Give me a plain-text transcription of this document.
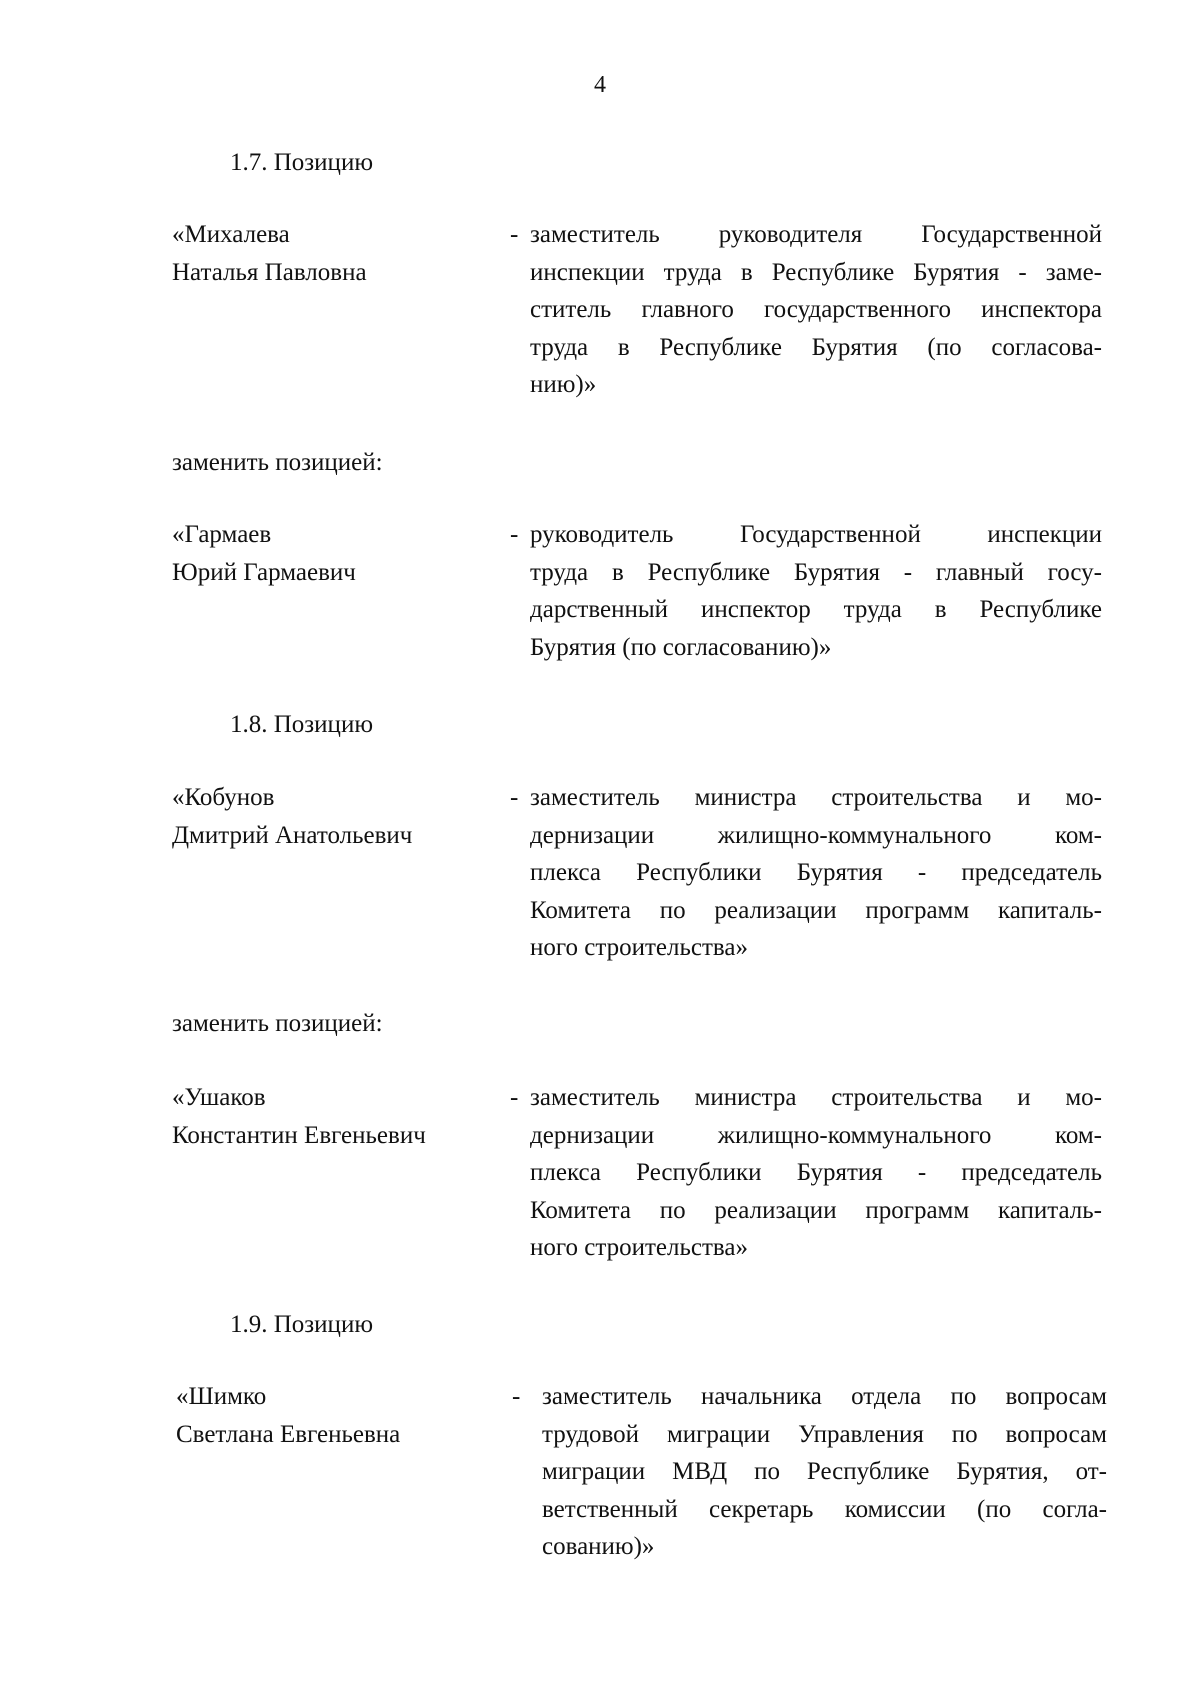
4
1.7. Позицию
«Михалева
Наталья Павловна
- заместитель руководителя Государственной
инспекции труда в Республике Бурятия - заме-
ститель главного государственного инспектора
труда в Республике Бурятия (по согласова-
нию)»
заменить позицией:
«Гармаев
Юрий Гармаевич
- руководитель Государственной инспекции
труда в Республике Бурятия - главный госу-
дарственный инспектор труда в Республике
Бурятия (по согласованию)»
1.8. Позицию
«Кобунов
Дмитрий Анатольевич
- заместитель министра строительства и мо-
дернизации жилищно-коммунального ком-
плекса Республики Бурятия - председатель
Комитета по реализации программ капиталь-
ного строительства»
заменить позицией:
«Ушаков
Константин Евгеньевич
- заместитель министра строительства и мо-
дернизации жилищно-коммунального ком-
плекса Республики Бурятия - председатель
Комитета по реализации программ капиталь-
ного строительства»
1.9. Позицию
«Шимко
Светлана Евгеньевна
- заместитель начальника отдела по вопросам
трудовой миграции Управления по вопросам
миграции МВД по Республике Бурятия, от-
ветственный секретарь комиссии (по согла-
сованию)»
